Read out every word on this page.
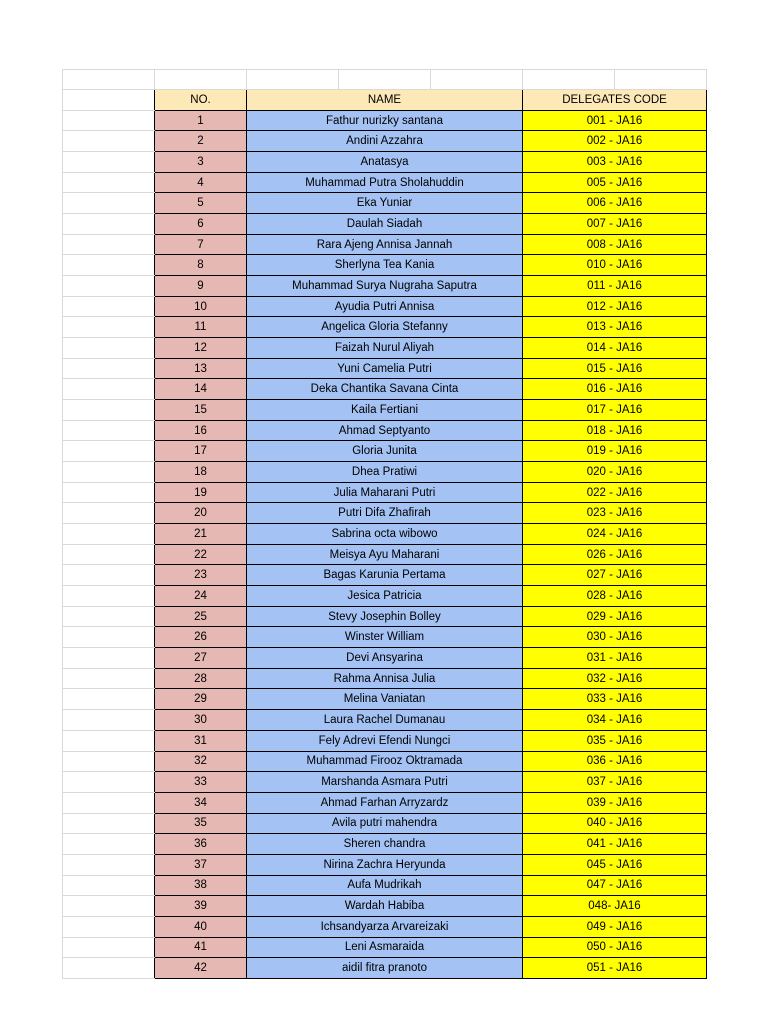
	NO.	NAME			DELEGATES CODE	
	1	Fathur nurizky santana			001 - JA16	
	2	Andini Azzahra			002 - JA16	
	3	Anatasya			003 - JA16	
	4	Muhammad Putra Sholahuddin			005 - JA16	
	5	Eka Yuniar			006 - JA16	
	6	Daulah Siadah			007 - JA16	
	7	Rara Ajeng Annisa Jannah			008 - JA16	
	8	Sherlyna Tea Kania			010 - JA16	
	9	Muhammad Surya Nugraha Saputra			011 - JA16	
	10	Ayudia Putri Annisa			012 - JA16	
	11	Angelica Gloria Stefanny			013 - JA16	
	12	Faizah Nurul Aliyah			014 - JA16	
	13	Yuni Camelia Putri			015 - JA16	
	14	Deka Chantika Savana Cinta			016 - JA16	
	15	Kaila Fertiani			017 - JA16	
	16	Ahmad Septyanto			018 - JA16	
	17	Gloria Junita			019 - JA16	
	18	Dhea Pratiwi			020 - JA16	
	19	Julia Maharani Putri			022 - JA16	
	20	Putri Difa Zhafirah			023 - JA16	
	21	Sabrina octa wibowo			024 - JA16	
	22	Meisya Ayu Maharani			026 - JA16	
	23	Bagas Karunia Pertama			027 - JA16	
	24	Jesica Patricia			028 - JA16	
	25	Stevy Josephin Bolley			029 - JA16	
	26	Winster William			030 - JA16	
	27	Devi Ansyarina			031 - JA16	
	28	Rahma Annisa Julia			032 - JA16	
	29	Melina Vaniatan			033 - JA16	
	30	Laura Rachel Dumanau			034 - JA16	
	31	Fely Adrevi Efendi Nungci			035 - JA16	
	32	Muhammad Firooz Oktramada			036 - JA16	
	33	Marshanda Asmara Putri			037 - JA16	
	34	Ahmad Farhan Arryzardz			039 - JA16	
	35	Avila putri mahendra			040 - JA16	
	36	Sheren chandra			041 - JA16	
	37	Nirina Zachra Heryunda			045 - JA16	
	38	Aufa Mudrikah			047 - JA16	
	39	Wardah Habiba			048- JA16	
	40	Ichsandyarza Arvareizaki			049 - JA16	
	41	Leni Asmaraida			050 - JA16	
	42	aidil fitra pranoto			051 - JA16	
